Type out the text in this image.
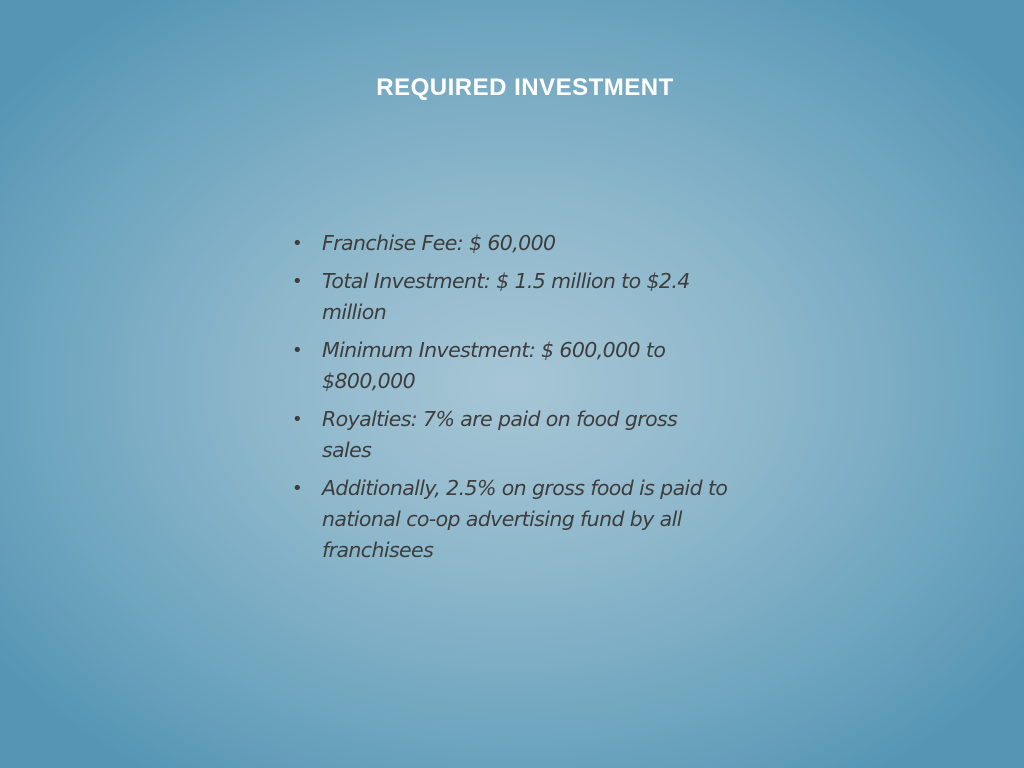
REQUIRED INVESTMENT
• Franchise Fee: $ 60,000
• Total Investment: $ 1.5 million to $2.4 million
• Minimum Investment: $ 600,000 to $800,000
• Royalties: 7% are paid on food gross sales
• Additionally, 2.5% on gross food is paid to national co-op advertising fund by all franchisees
